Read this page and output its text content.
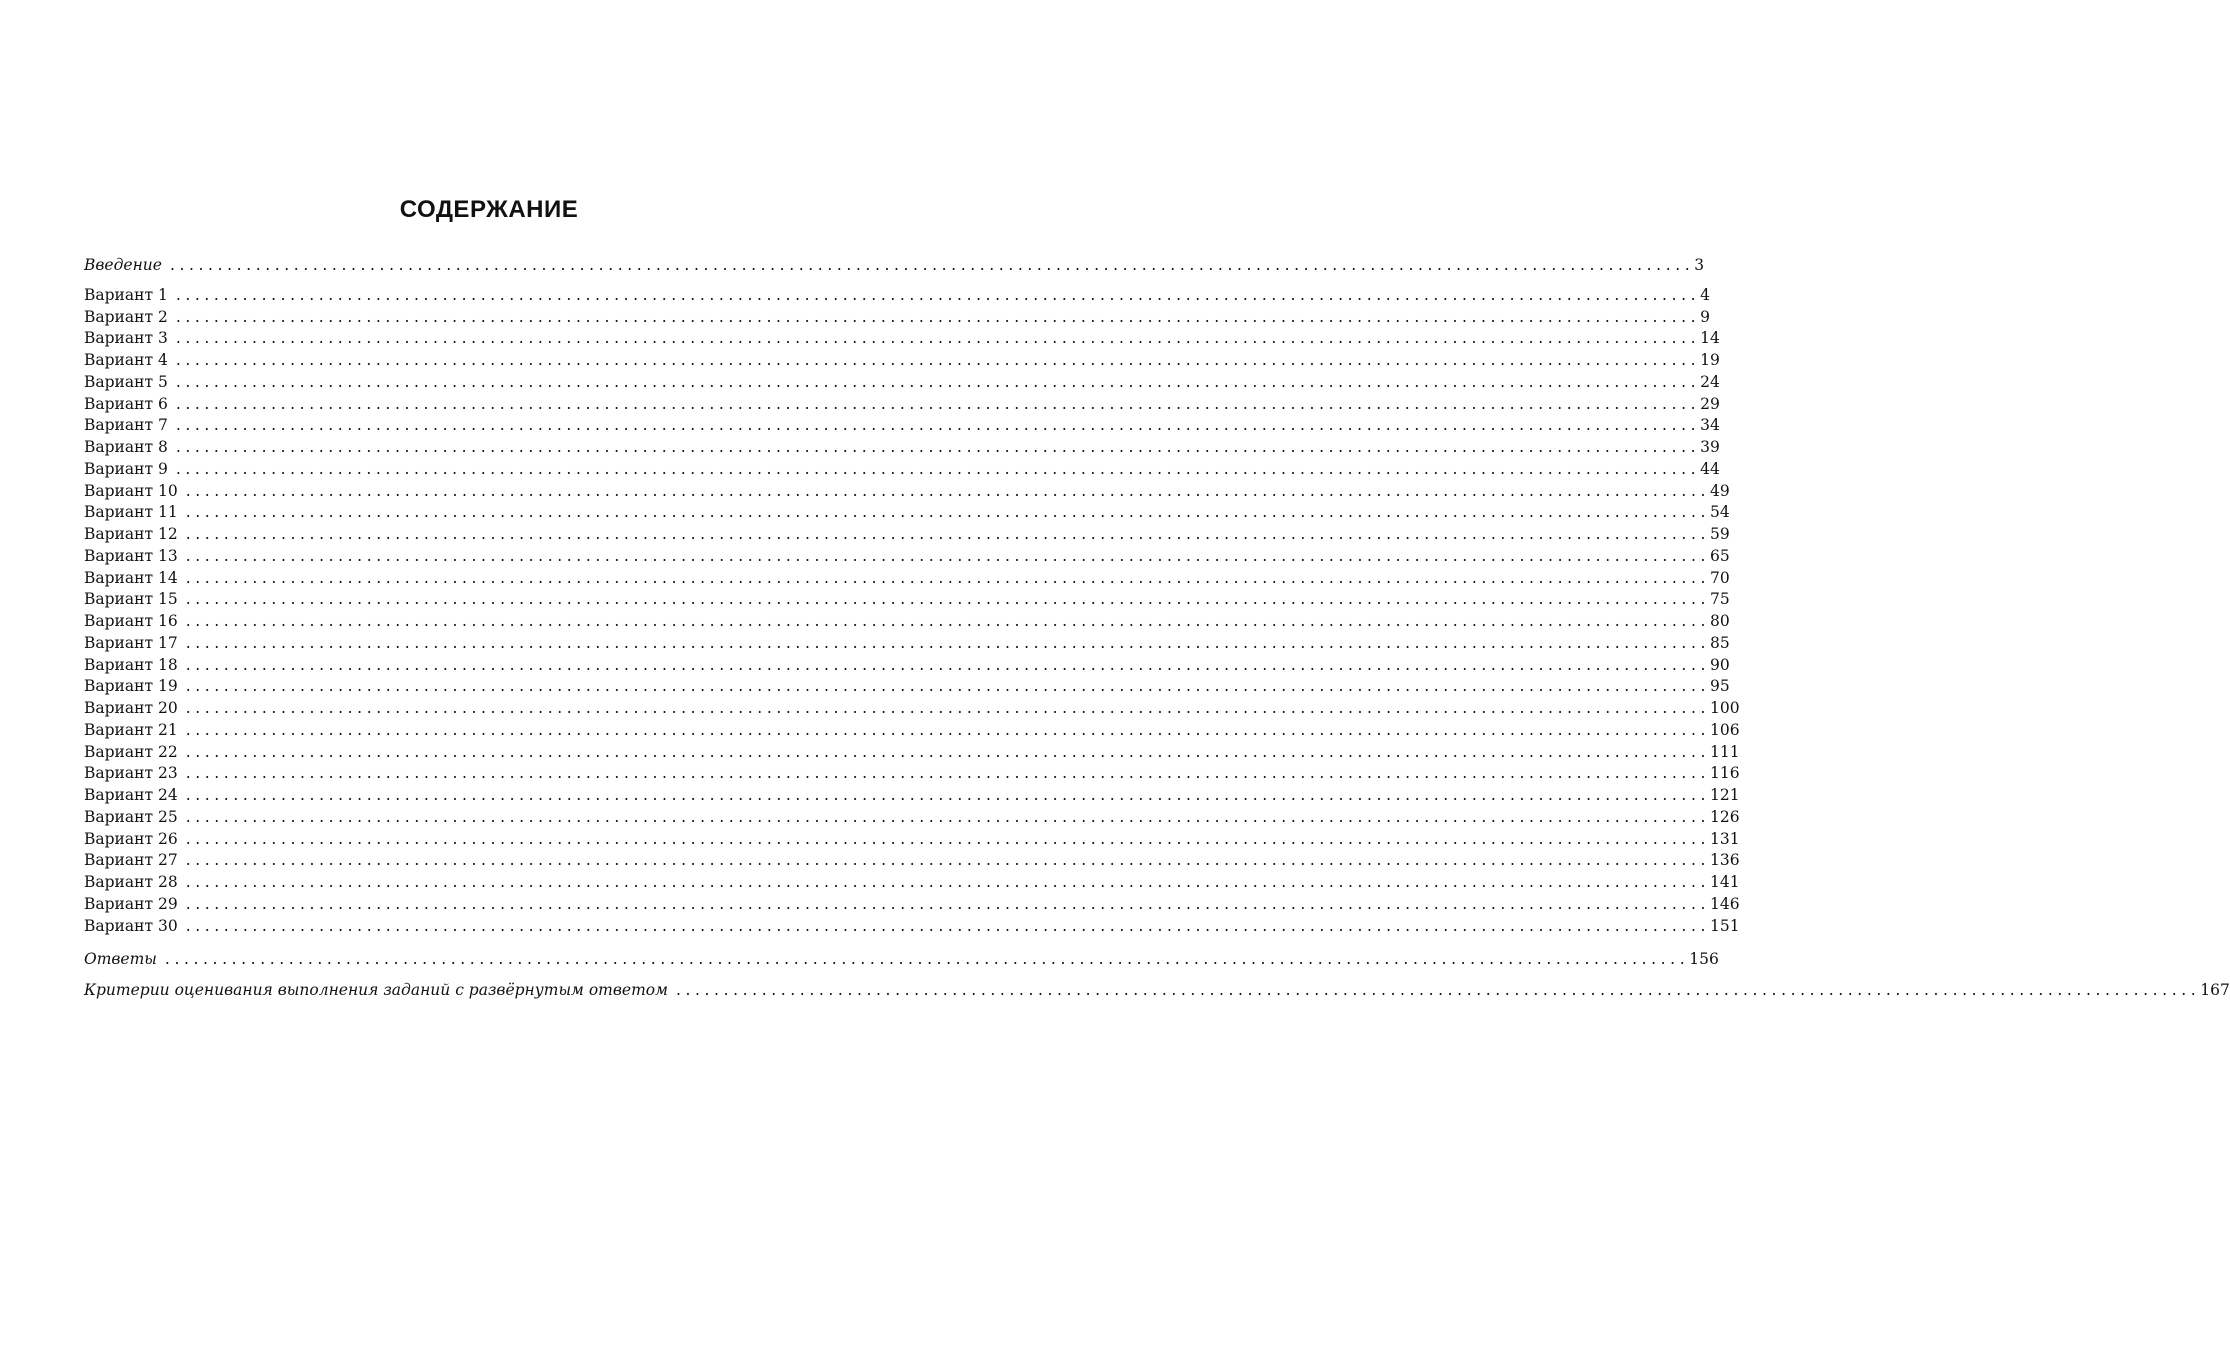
СОДЕРЖАНИЕ
Введение ................................................................................................................................................................ 3
Вариант 1 ................................................................................................................................................................ 4
Вариант 2 ................................................................................................................................................................ 9
Вариант 3 ................................................................................................................................................................ 14
Вариант 4 ................................................................................................................................................................ 19
Вариант 5 ................................................................................................................................................................ 24
Вариант 6 ................................................................................................................................................................ 29
Вариант 7 ................................................................................................................................................................ 34
Вариант 8 ................................................................................................................................................................ 39
Вариант 9 ................................................................................................................................................................ 44
Вариант 10 ................................................................................................................................................................ 49
Вариант 11 ................................................................................................................................................................ 54
Вариант 12 ................................................................................................................................................................ 59
Вариант 13 ................................................................................................................................................................ 65
Вариант 14 ................................................................................................................................................................ 70
Вариант 15 ................................................................................................................................................................ 75
Вариант 16 ................................................................................................................................................................ 80
Вариант 17 ................................................................................................................................................................ 85
Вариант 18 ................................................................................................................................................................ 90
Вариант 19 ................................................................................................................................................................ 95
Вариант 20 ................................................................................................................................................................ 100
Вариант 21 ................................................................................................................................................................ 106
Вариант 22 ................................................................................................................................................................ 111
Вариант 23 ................................................................................................................................................................ 116
Вариант 24 ................................................................................................................................................................ 121
Вариант 25 ................................................................................................................................................................ 126
Вариант 26 ................................................................................................................................................................ 131
Вариант 27 ................................................................................................................................................................ 136
Вариант 28 ................................................................................................................................................................ 141
Вариант 29 ................................................................................................................................................................ 146
Вариант 30 ................................................................................................................................................................ 151
Ответы ................................................................................................................................................................ 156
Критерии оценивания выполнения заданий с развёрнутым ответом ................................................................................................................................................................ 167
